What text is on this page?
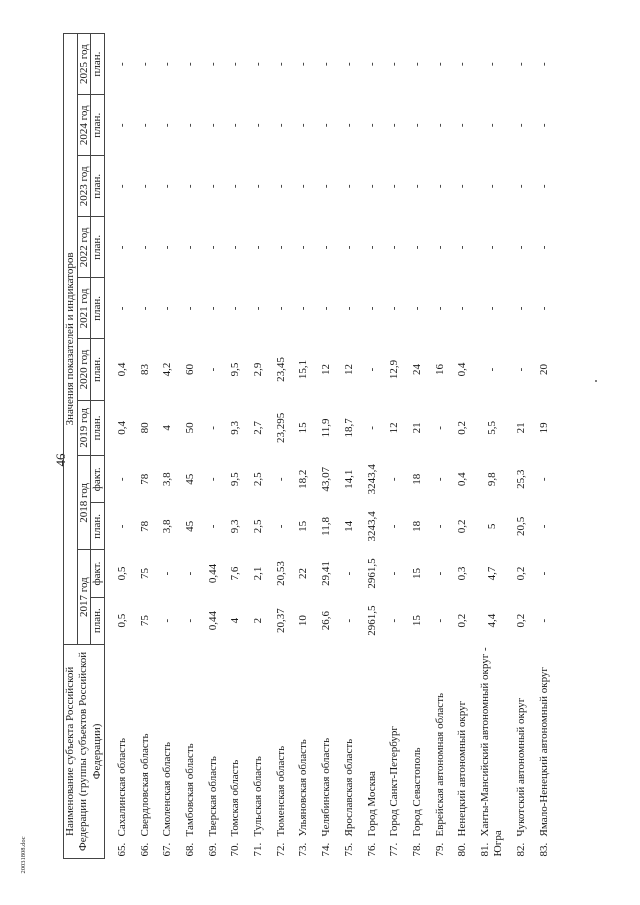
46
20031808.doc
Наименование субъекта Российской Федерации (группы субъектов Российской Федерации)	Значения показателей и индикаторов										
	2017 год		2018 год		2019 год	2020 год	2021 год	2022 год	2023 год	2024 год	2025 год
	план.	факт.	план.	факт.	план.	план.	план.	план.	план.	план.	план.
65.Сахалинская область	0,5	0,5	-	-	0,4	0,4	-	-	-	-	-
66.Свердловская область	75	75	78	78	80	83	-	-	-	-	-
67.Смоленская область	-	-	3,8	3,8	4	4,2	-	-	-	-	-
68.Тамбовская область	-	-	45	45	50	60	-	-	-	-	-
69.Тверская область	0,44	0,44	-	-	-	-	-	-	-	-	-
70.Томская область	4	7,6	9,3	9,5	9,3	9,5	-	-	-	-	-
71.Тульская область	2	2,1	2,5	2,5	2,7	2,9	-	-	-	-	-
72.Тюменская область	20,37	20,53	-	-	23,295	23,45	-	-	-	-	-
73.Ульяновская область	10	22	15	18,2	15	15,1	-	-	-	-	-
74.Челябинская область	26,6	29,41	11,8	43,07	11,9	12	-	-	-	-	-
75.Ярославская область	-	-	14	14,1	18,7	12	-	-	-	-	-
76.Город Москва	2961,5	2961,5	3243,4	3243,4	-	-	-	-	-	-	-
77.Город Санкт-Петербург	-	-	-	-	12	12,9	-	-	-	-	-
78.Город Севастополь	15	15	18	18	21	24	-	-	-	-	-
79.Еврейская автономная область	-	-	-	-	-	16	-	-	-	-	-
80.Ненецкий автономный округ	0,2	0,3	0,2	0,4	0,2	0,4	-	-	-	-	-
81.Ханты-Мансийский автономный округ - Югра	4,4	4,7	5	9,8	5,5	-	-	-	-	-	-
82.Чукотский автономный округ	0,2	0,2	20,5	25,3	21	-	-	-	-	-	-
83.Ямало-Ненецкий автономный округ	-	-	-	-	19	20	-	-	-	-	-
